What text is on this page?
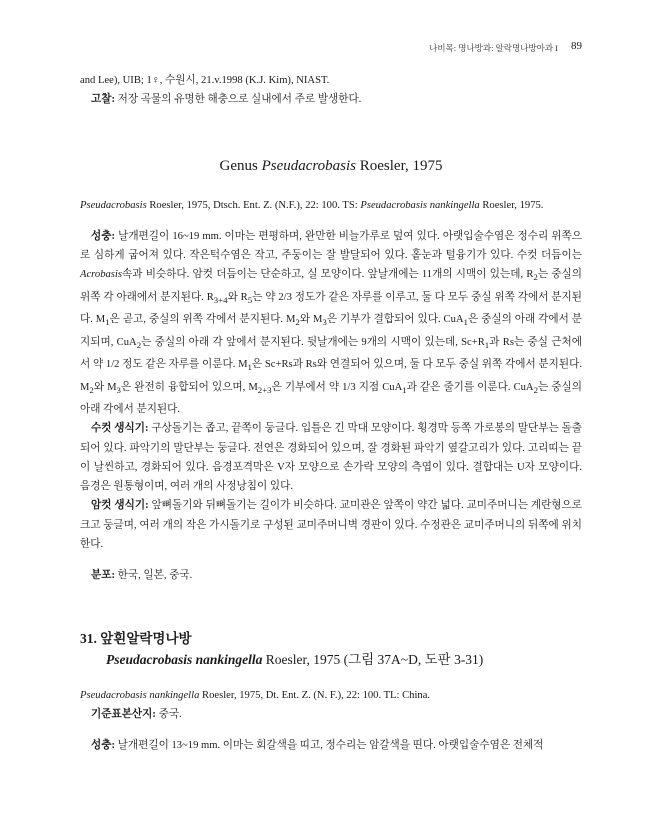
나비목: 명나방과: 알락명나방아과 I 89

and Lee), UIB; 1♀, 수원시, 21.v.1998 (K.J. Kim), NIAST.

고찰: 저장 곡물의 유명한 해충으로 실내에서 주로 발생한다.

Genus Pseudacrobasis Roesler, 1975

Pseudacrobasis Roesler, 1975, Dtsch. Ent. Z. (N.F.), 22: 100. TS: Pseudacrobasis nankingella Roesler, 1975.

성충: 날개편길이 16~19 mm. 이마는 편평하며, 완만한 비늘가루로 덮여 있다. 아랫입술수염은 정수리 위쪽으로 심하게 굽어져 있다. 작은턱수염은 작고, 주둥이는 잘 발달되어 있다. 홑눈과 털융기가 있다. 수컷 더듬이는 Acrobasis속과 비슷하다. 암컷 더듬이는 단순하고, 실 모양이다. 앞날개에는 11개의 시맥이 있는데, $R_2$는 중실의 위쪽 각 아래에서 분지된다. $R_{3+4}$와 $R_5$는 약 2/3 정도가 같은 자루를 이루고, 둘 다 모두 중실 위쪽 각에서 분지된다. $M_1$은 곧고, 중실의 위쪽 각에서 분지된다. $M_2$와 $M_3$은 기부가 결합되어 있다. CuA$_1$은 중실의 아래 각에서 분지되며, CuA$_2$는 중실의 아래 각 앞에서 분지된다. 뒷날개에는 9개의 시맥이 있는데, $Sc+R_1$과 Rs는 중실 근처에서 약 1/2 정도 같은 자루를 이룬다. $M_1$은 Sc+Rs과 Rs와 연결되어 있으며, 둘 다 모두 중실 위쪽 각에서 분지된다. $M_2$와 $M_3$은 완전히 융합되어 있으며, $M_{2+3}$은 기부에서 약 1/3 지점 CuA$_1$과 같은 줄기를 이룬다. CuA$_2$는 중실의 아래 각에서 분지된다.

수컷 생식기: 구상돌기는 좁고, 끝쪽이 둥글다. 입틀은 긴 막대 모양이다. 횡경막 등쪽 가로봉의 말단부는 돌출되어 있다. 파악기의 말단부는 둥글다. 전연은 경화되어 있으며, 잘 경화된 파악기 옆갈고리가 있다. 고리띠는 끝이 날씬하고, 경화되어 있다. 음경포격막은 V자 모양으로 손가락 모양의 측엽이 있다. 결합대는 U자 모양이다. 음경은 원통형이며, 여러 개의 사정낭침이 있다.

암컷 생식기: 앞뼈돌기와 뒤뼈돌기는 길이가 비슷하다. 교미관은 앞쪽이 약간 넓다. 교미주머니는 계란형으로 크고 둥글며, 여러 개의 작은 가시돌기로 구성된 교미주머니벽 경판이 있다. 수정관은 교미주머니의 뒤쪽에 위치한다.

분포: 한국, 일본, 중국.

31. 앞흰알락명나방

Pseudacrobasis nankingella Roesler, 1975 (그림 37A~D, 도판 3-31)

Pseudacrobasis nankingella Roesler, 1975, Dt. Ent. Z. (N. F.), 22: 100. TL: China.

기준표본산지: 중국.

성충: 날개편길이 13~19 mm. 이마는 회갈색을 띠고, 정수리는 암갈색을 띤다. 아랫입술수염은 전체적
